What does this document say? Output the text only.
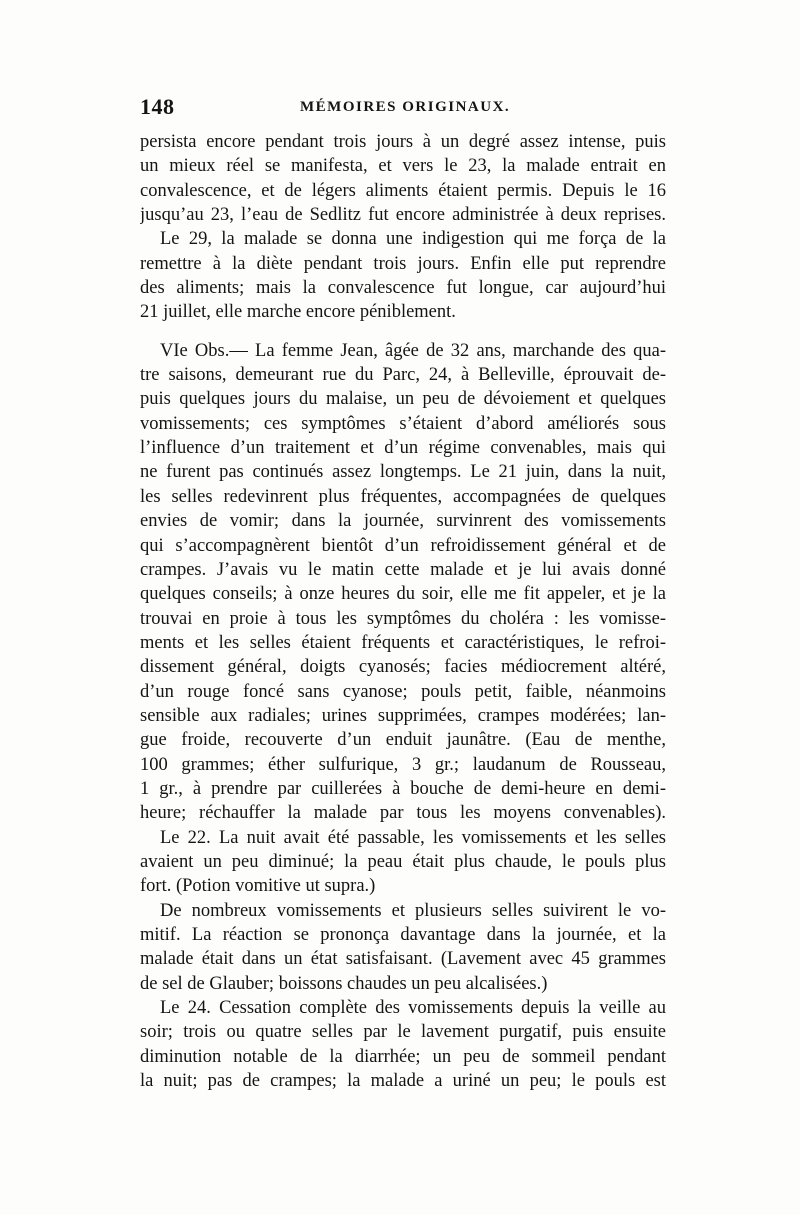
148	MÉMOIRES ORIGINAUX.
persista encore pendant trois jours à un degré assez intense, puis
un mieux réel se manifesta, et vers le 23, la malade entrait en
convalescence, et de légers aliments étaient permis. Depuis le 16
jusqu’au 23, l’eau de Sedlitz fut encore administrée à deux reprises.
Le 29, la malade se donna une indigestion qui me força de la
remettre à la diète pendant trois jours. Enfin elle put reprendre
des aliments; mais la convalescence fut longue, car aujourd’hui
21 juillet, elle marche encore péniblement.
VIe Obs.— La femme Jean, âgée de 32 ans, marchande des qua-
tre saisons, demeurant rue du Parc, 24, à Belleville, éprouvait de-
puis quelques jours du malaise, un peu de dévoiement et quelques
vomissements; ces symptômes s’étaient d’abord améliorés sous
l’influence d’un traitement et d’un régime convenables, mais qui
ne furent pas continués assez longtemps. Le 21 juin, dans la nuit,
les selles redevinrent plus fréquentes, accompagnées de quelques
envies de vomir; dans la journée, survinrent des vomissements
qui s’accompagnèrent bientôt d’un refroidissement général et de
crampes. J’avais vu le matin cette malade et je lui avais donné
quelques conseils; à onze heures du soir, elle me fit appeler, et je la
trouvai en proie à tous les symptômes du choléra : les vomisse-
ments et les selles étaient fréquents et caractéristiques, le refroi-
dissement général, doigts cyanosés; facies médiocrement altéré,
d’un rouge foncé sans cyanose; pouls petit, faible, néanmoins
sensible aux radiales; urines supprimées, crampes modérées; lan-
gue froide, recouverte d’un enduit jaunâtre. (Eau de menthe,
100 grammes; éther sulfurique, 3 gr.; laudanum de Rousseau,
1 gr., à prendre par cuillerées à bouche de demi-heure en demi-
heure; réchauffer la malade par tous les moyens convenables).
Le 22. La nuit avait été passable, les vomissements et les selles
avaient un peu diminué; la peau était plus chaude, le pouls plus
fort. (Potion vomitive ut supra.)
De nombreux vomissements et plusieurs selles suivirent le vo-
mitif. La réaction se prononça davantage dans la journée, et la
malade était dans un état satisfaisant. (Lavement avec 45 grammes
de sel de Glauber; boissons chaudes un peu alcalisées.)
Le 24. Cessation complète des vomissements depuis la veille au
soir; trois ou quatre selles par le lavement purgatif, puis ensuite
diminution notable de la diarrhée; un peu de sommeil pendant
la nuit; pas de crampes; la malade a uriné un peu; le pouls est
